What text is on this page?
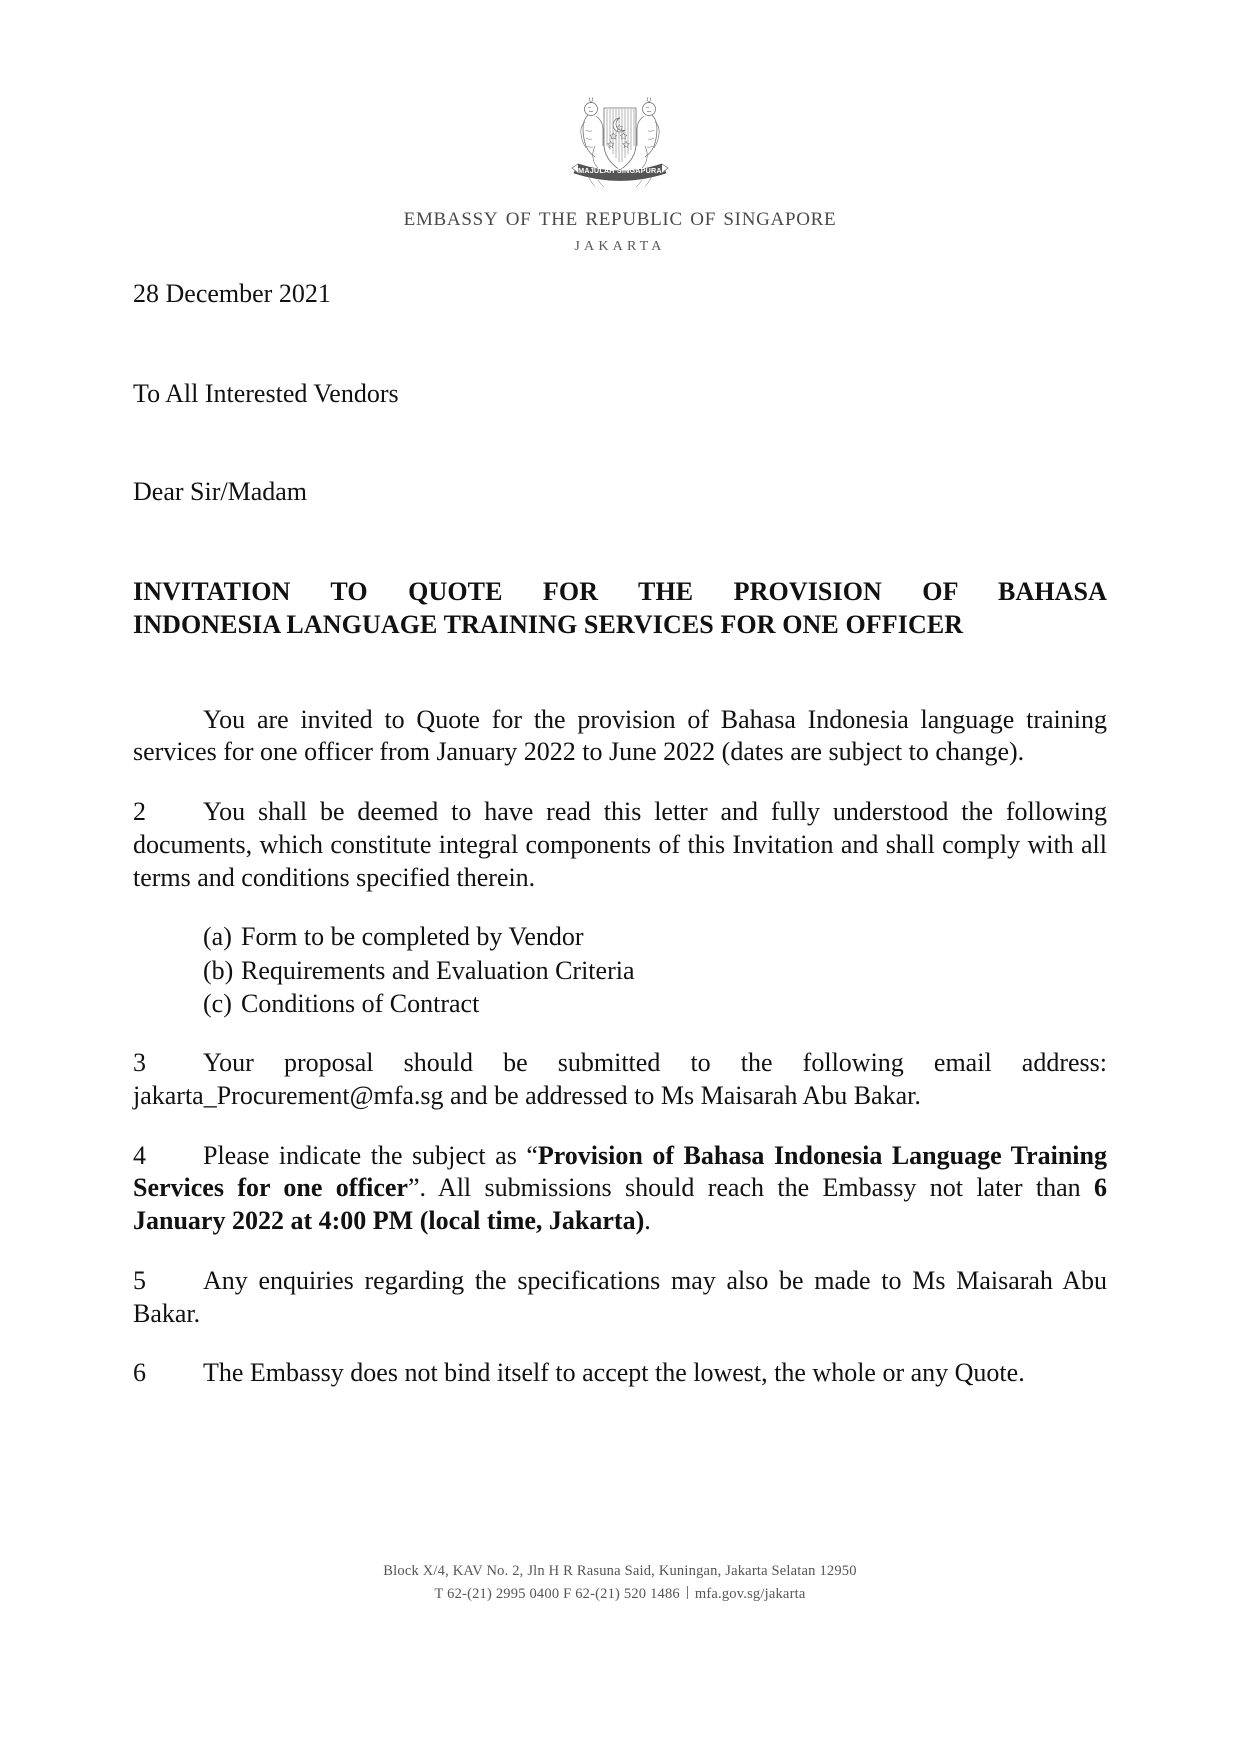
MAJULAH SINGAPURA
embassy of the republic of singapore
JAKARTA
28 December 2021
To All Interested Vendors
Dear Sir/Madam
INVITATION TO QUOTE FOR THE PROVISION OF BAHASA
INDONESIA LANGUAGE TRAINING SERVICES FOR ONE OFFICER

You are invited to Quote for the provision of Bahasa Indonesia language training services for one officer from January 2022 to June 2022 (dates are subject to change).

2 You shall be deemed to have read this letter and fully understood the following documents, which constitute integral components of this Invitation and shall comply with all terms and conditions specified therein.

(a) Form to be completed by Vendor
(b) Requirements and Evaluation Criteria
(c) Conditions of Contract

3 Your proposal should be submitted to the following email address: jakarta_Procurement@mfa.sg and be addressed to Ms Maisarah Abu Bakar.

4 Please indicate the subject as “Provision of Bahasa Indonesia Language Training Services for one officer”. All submissions should reach the Embassy not later than 6 January 2022 at 4:00 PM (local time, Jakarta).

5 Any enquiries regarding the specifications may also be made to Ms Maisarah Abu Bakar.

6 The Embassy does not bind itself to accept the lowest, the whole or any Quote.

Block X/4, KAV No. 2, Jln H R Rasuna Said, Kuningan, Jakarta Selatan 12950
T 62-(21) 2995 0400 F 62-(21) 520 1486 mfa.gov.sg/jakarta
